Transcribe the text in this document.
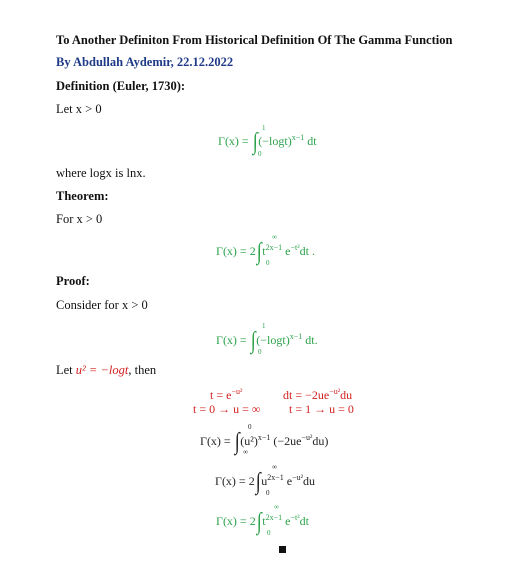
To Another Definiton From Historical Definition Of The Gamma Function
By Abdullah Aydemir, 22.12.2022
Definition (Euler, 1730):
Let x > 0
$\Gamma(x) = \int(-\log t)^{x-1}$ dt
1
0
where logx is lnx.
Theorem:
For x > 0
$\Gamma(x) = 2\int t^{2x-1}$ $e^{-t^2}dt$ .
∞
0
Proof:
Consider for x > 0
$\Gamma(x) = \int(-\log t)^{x-1}$ dt.
1
0
Let u² = −logt, then
$t = e^{-u^2}$	dt = $-2ue^{-u^2}du$
t = 0 → u = ∞ t = 1 → u = 0
$\Gamma(x) = \int(u^2)^{x-1}$ $(-2ue^{-u^2}du)$
0
∞
$\Gamma(x) = 2\int u^{2x-1}$ $e^{-u^2}du$
∞
0
$\Gamma(x) = 2\int t^{2x-1}$ $e^{-t^2}dt$
∞
0
